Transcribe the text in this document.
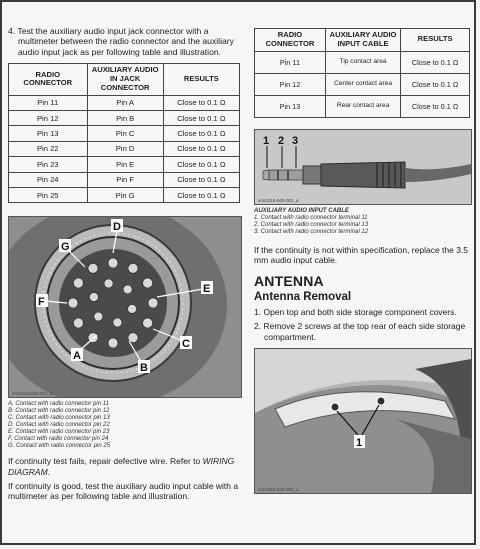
4. Test the auxiliary audio input jack connector with a multimeter between the radio connector and the auxiliary audio input jack as per following table and illustration.

RADIO CONNECTOR	AUXILIARY AUDIO IN JACK CONNECTOR	RESULTS
Pin 11	Pin A	Close to 0.1 Ω
Pin 12	Pin B	Close to 0.1 Ω
Pin 13	Pin C	Close to 0.1 Ω
Pin 22	Pin D	Close to 0.1 Ω
Pin 23	Pin E	Close to 0.1 Ω
Pin 24	Pin F	Close to 0.1 Ω
Pin 25	Pin G	Close to 0.1 Ω
D
G
F
E
C
B
A
vmr2016-000-001_a
A. Contact with radio connector pin 11
B. Contact with radio connector pin 12
C. Contact with radio connector pin 13
D. Contact with radio connector pin 22
E. Contact with radio connector pin 23
F. Contact with radio connector pin 24
G. Contact with radio connector pin 25

If continuity test fails, repair defective wire. Refer to WIRING DIAGRAM.

If continuity is good, test the auxiliary audio input cable with a multimeter as per following table and illustration.

RADIO CONNECTOR	AUXILIARY AUDIO INPUT CABLE	RESULTS
Pin 11	Tip contact area	Close to 0.1 Ω
Pin 12	Center contact area	Close to 0.1 Ω
Pin 13	Rear contact area	Close to 0.1 Ω
1 2 3
vmr2016-000-002_a
AUXILIARY AUDIO INPUT CABLE
1. Contact with radio connector terminal 11
2. Contact with radio connector terminal 13
3. Contact with radio connector terminal 12

If the continuity is not within specification, replace the 3.5 mm audio input cable.

ANTENNA
Antenna Removal
1. Open top and both side storage component covers.
2. Remove 2 screws at the top rear of each side storage compartment.
1
vmr2016-000-003_a
